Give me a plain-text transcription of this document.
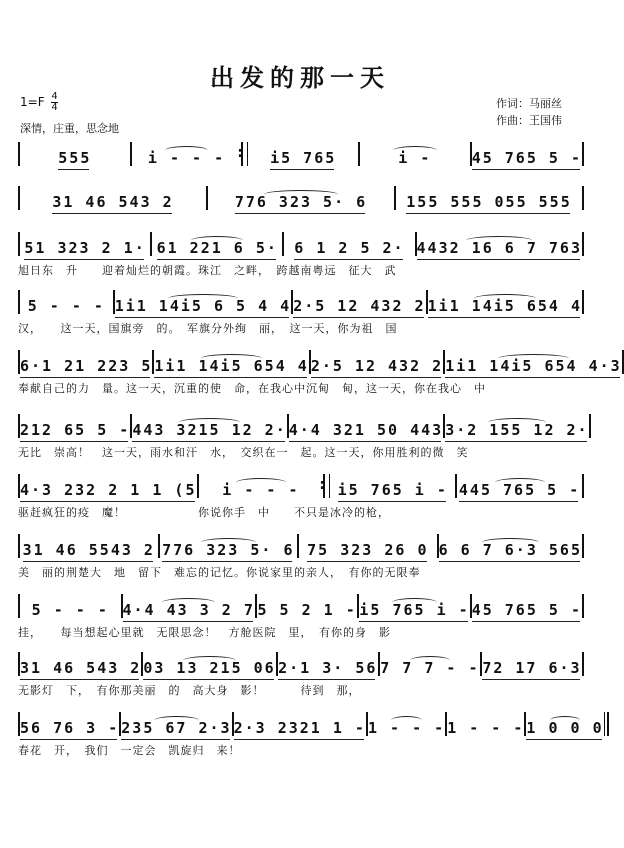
出发的那一天
$1=F \frac{4}{4}$
深情，庄重，思念地
作词：马丽丝
作曲：王国伟
555	i - - - :	i5 765	i -	45 765 5 -
31 46 543 2	776 323 5· 6	155 555 055 555
51 323 2 1· 61 221 6 5· 6 1 2 5 2· 4432 16 6 7 763
旭日东　升　　迎着灿烂的朝霞。珠江　之畔，　跨越南粤远　征大　武
5 - - - 1i1 14i5 6 5 4 4 2·5 12 432 2 1i1 14i5 654 4
汉，　　这一天，国旗旁　的。　军旗分外绚　丽，　这一天，你为祖　国
6·1 21 223 5 1i1 14i5 654 4 2·5 12 432 2 1i1 14i5 654 4·3
奉献自己的力　量。这一天，沉重的使　命，在我心中沉甸　甸，这一天，你在我心　中
212 65 5 - 443 3215 12 2· 4·4 321 50 443 3·2 155 12 2·
无比　崇高！　这一天，雨水和汗　水，　交织在一　起。这一天，你用胜利的微　笑
4·3 232 2 1 1 (5 i - - - :	i5 765 i - 445 765 5 -
驱赶疯狂的疫　魔！　　　　　　你说你手　中　　不只是冰冷的枪，
31 46 5543 2 776 323 5· 6 75 323 26 0 6 6 7 6·3 565
美　丽的荆楚大　地　留下　难忘的记忆。你说家里的亲人，　有你的无限奉
5 - - - 4·4 43 3 2 7 5 5 2 1 - i5 765 i - 45 765 5 -
挂，　　每当想起心里就　无限思念！　方舱医院　里，　有你的身　影
31 46 543 2 03 13 215 06 2·1 3· 56 7 7 7 - - 72 17 6·3
无影灯　下，　有你那美丽　的　高大身　影！　　　待到　那，
56 76 3 - 235 67 2·3 2·3 2321 1 - 1 - - - 1 - - - 1 0 0 0
春花　开，　我们　一定会　凯旋归　来！
